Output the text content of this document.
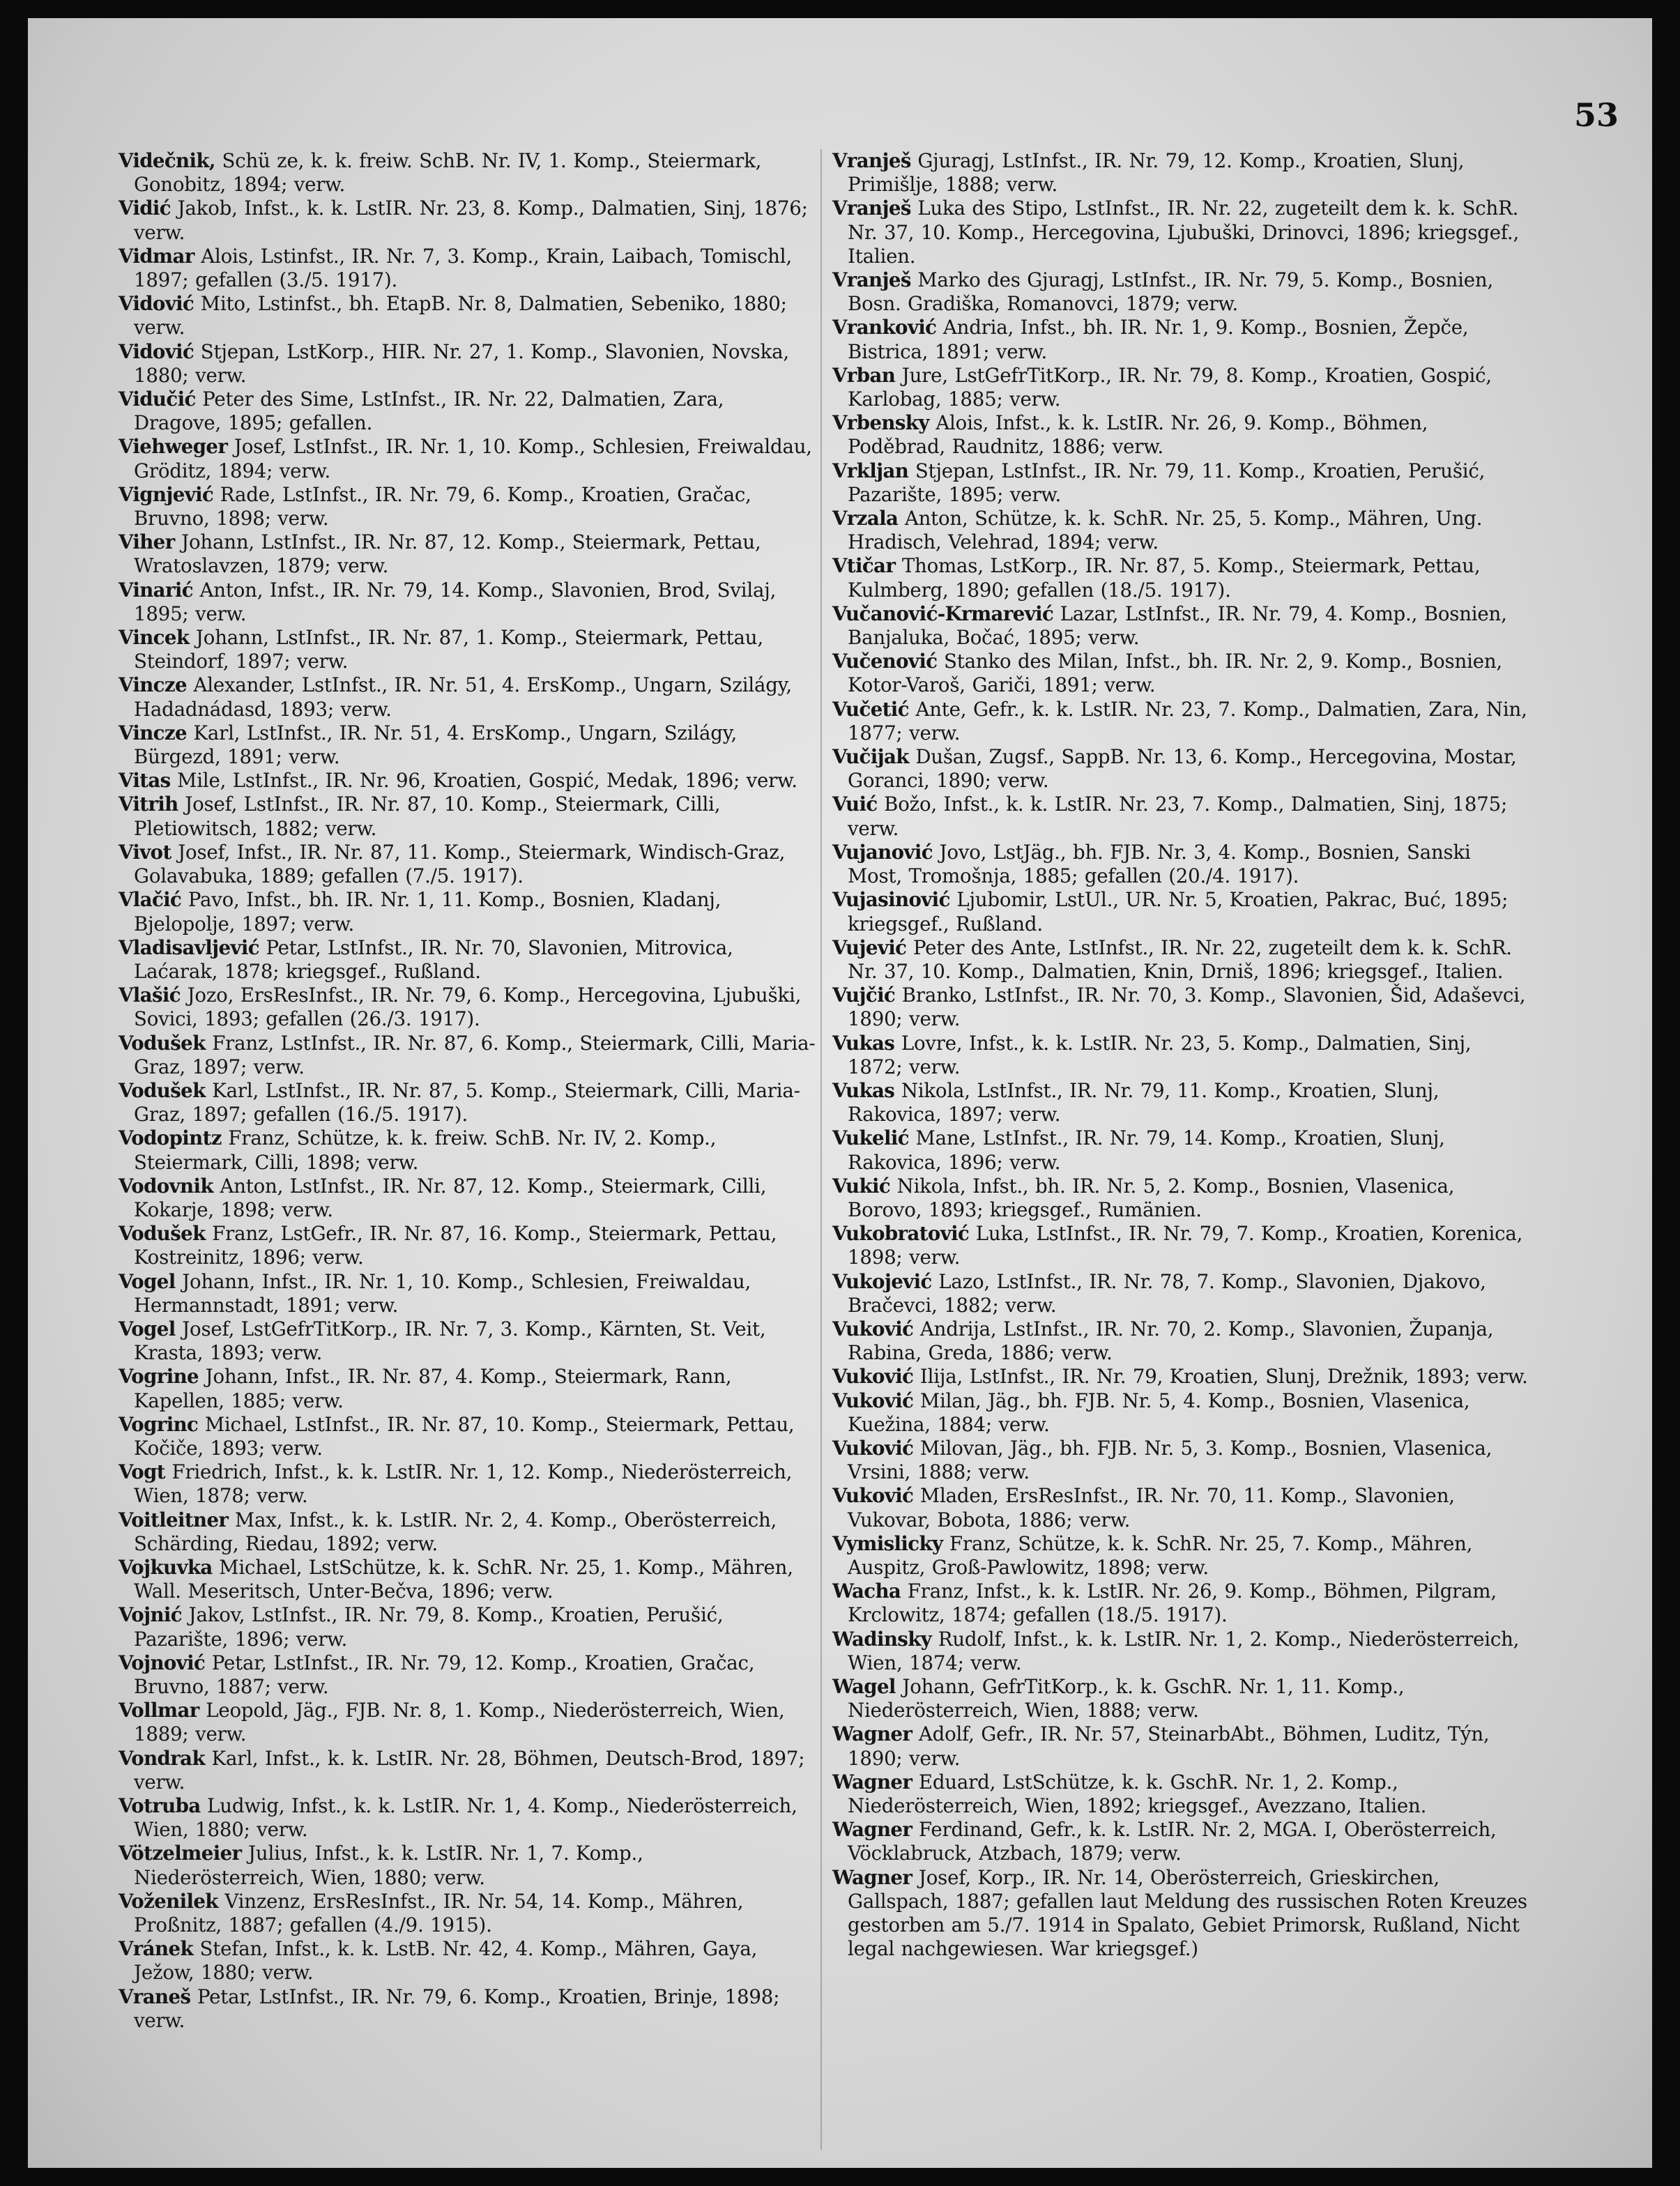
53

Videčnik, Schü ze, k. k. freiw. SchB. Nr. IV, 1. Komp., Steiermark, Gonobitz, 1894; verw.

Vidić Jakob, Infst., k. k. LstIR. Nr. 23, 8. Komp., Dalmatien, Sinj, 1876; verw.

Vidmar Alois, Lstinfst., IR. Nr. 7, 3. Komp., Krain, Laibach, Tomischl, 1897; gefallen (3./5. 1917).

Vidović Mito, Lstinfst., bh. EtapB. Nr. 8, Dalmatien, Sebeniko, 1880; verw.

Vidović Stjepan, LstKorp., HIR. Nr. 27, 1. Komp., Slavonien, Novska, 1880; verw.

Vidučić Peter des Sime, LstInfst., IR. Nr. 22, Dalmatien, Zara, Dragove, 1895; gefallen.

Viehweger Josef, LstInfst., IR. Nr. 1, 10. Komp., Schlesien, Freiwaldau, Gröditz, 1894; verw.

Vignjević Rade, LstInfst., IR. Nr. 79, 6. Komp., Kroatien, Gračac, Bruvno, 1898; verw.

Viher Johann, LstInfst., IR. Nr. 87, 12. Komp., Steiermark, Pettau, Wratoslavzen, 1879; verw.

Vinarić Anton, Infst., IR. Nr. 79, 14. Komp., Slavonien, Brod, Svilaj, 1895; verw.

Vincek Johann, LstInfst., IR. Nr. 87, 1. Komp., Steiermark, Pettau, Steindorf, 1897; verw.

Vincze Alexander, LstInfst., IR. Nr. 51, 4. ErsKomp., Ungarn, Szilágy, Hadadnádasd, 1893; verw.

Vincze Karl, LstInfst., IR. Nr. 51, 4. ErsKomp., Ungarn, Szilágy, Bürgezd, 1891; verw.

Vitas Mile, LstInfst., IR. Nr. 96, Kroatien, Gospić, Medak, 1896; verw.

Vitrih Josef, LstInfst., IR. Nr. 87, 10. Komp., Steiermark, Cilli, Pletiowitsch, 1882; verw.

Vivot Josef, Infst., IR. Nr. 87, 11. Komp., Steiermark, Windisch-Graz, Golavabuka, 1889; gefallen (7./5. 1917).

Vlačić Pavo, Infst., bh. IR. Nr. 1, 11. Komp., Bosnien, Kladanj, Bjelopolje, 1897; verw.

Vladisavljević Petar, LstInfst., IR. Nr. 70, Slavonien, Mitrovica, Laćarak, 1878; kriegsgef., Rußland.

Vlašić Jozo, ErsResInfst., IR. Nr. 79, 6. Komp., Hercegovina, Ljubuški, Sovici, 1893; gefallen (26./3. 1917).

Vodušek Franz, LstInfst., IR. Nr. 87, 6. Komp., Steiermark, Cilli, Maria-Graz, 1897; verw.

Vodušek Karl, LstInfst., IR. Nr. 87, 5. Komp., Steiermark, Cilli, Maria-Graz, 1897; gefallen (16./5. 1917).

Vodopintz Franz, Schütze, k. k. freiw. SchB. Nr. IV, 2. Komp., Steiermark, Cilli, 1898; verw.

Vodovnik Anton, LstInfst., IR. Nr. 87, 12. Komp., Steiermark, Cilli, Kokarje, 1898; verw.

Vodušek Franz, LstGefr., IR. Nr. 87, 16. Komp., Steiermark, Pettau, Kostreinitz, 1896; verw.

Vogel Johann, Infst., IR. Nr. 1, 10. Komp., Schlesien, Freiwaldau, Hermannstadt, 1891; verw.

Vogel Josef, LstGefrTitKorp., IR. Nr. 7, 3. Komp., Kärnten, St. Veit, Krasta, 1893; verw.

Vogrine Johann, Infst., IR. Nr. 87, 4. Komp., Steiermark, Rann, Kapellen, 1885; verw.

Vogrinc Michael, LstInfst., IR. Nr. 87, 10. Komp., Steiermark, Pettau, Kočiče, 1893; verw.

Vogt Friedrich, Infst., k. k. LstIR. Nr. 1, 12. Komp., Niederösterreich, Wien, 1878; verw.

Voitleitner Max, Infst., k. k. LstIR. Nr. 2, 4. Komp., Oberösterreich, Schärding, Riedau, 1892; verw.

Vojkuvka Michael, LstSchütze, k. k. SchR. Nr. 25, 1. Komp., Mähren, Wall. Meseritsch, Unter-Bečva, 1896; verw.

Vojnić Jakov, LstInfst., IR. Nr. 79, 8. Komp., Kroatien, Perušić, Pazarište, 1896; verw.

Vojnović Petar, LstInfst., IR. Nr. 79, 12. Komp., Kroatien, Gračac, Bruvno, 1887; verw.

Vollmar Leopold, Jäg., FJB. Nr. 8, 1. Komp., Niederösterreich, Wien, 1889; verw.

Vondrak Karl, Infst., k. k. LstIR. Nr. 28, Böhmen, Deutsch-Brod, 1897; verw.

Votruba Ludwig, Infst., k. k. LstIR. Nr. 1, 4. Komp., Niederösterreich, Wien, 1880; verw.

Vötzelmeier Julius, Infst., k. k. LstIR. Nr. 1, 7. Komp., Niederösterreich, Wien, 1880; verw.

Voženilek Vinzenz, ErsResInfst., IR. Nr. 54, 14. Komp., Mähren, Proßnitz, 1887; gefallen (4./9. 1915).

Vránek Stefan, Infst., k. k. LstB. Nr. 42, 4. Komp., Mähren, Gaya, Ježow, 1880; verw.

Vraneš Petar, LstInfst., IR. Nr. 79, 6. Komp., Kroatien, Brinje, 1898; verw.

Vranješ Gjuragj, LstInfst., IR. Nr. 79, 12. Komp., Kroatien, Slunj, Primišlje, 1888; verw.

Vranješ Luka des Stipo, LstInfst., IR. Nr. 22, zugeteilt dem k. k. SchR. Nr. 37, 10. Komp., Hercegovina, Ljubuški, Drinovci, 1896; kriegsgef., Italien.

Vranješ Marko des Gjuragj, LstInfst., IR. Nr. 79, 5. Komp., Bosnien, Bosn. Gradiška, Romanovci, 1879; verw.

Vranković Andria, Infst., bh. IR. Nr. 1, 9. Komp., Bosnien, Žepče, Bistrica, 1891; verw.

Vrban Jure, LstGefrTitKorp., IR. Nr. 79, 8. Komp., Kroatien, Gospić, Karlobag, 1885; verw.

Vrbensky Alois, Infst., k. k. LstIR. Nr. 26, 9. Komp., Böhmen, Poděbrad, Raudnitz, 1886; verw.

Vrkljan Stjepan, LstInfst., IR. Nr. 79, 11. Komp., Kroatien, Perušić, Pazarište, 1895; verw.

Vrzala Anton, Schütze, k. k. SchR. Nr. 25, 5. Komp., Mähren, Ung. Hradisch, Velehrad, 1894; verw.

Vtičar Thomas, LstKorp., IR. Nr. 87, 5. Komp., Steiermark, Pettau, Kulmberg, 1890; gefallen (18./5. 1917).

Vučanović-Krmarević Lazar, LstInfst., IR. Nr. 79, 4. Komp., Bosnien, Banjaluka, Bočać, 1895; verw.

Vučenović Stanko des Milan, Infst., bh. IR. Nr. 2, 9. Komp., Bosnien, Kotor-Varoš, Gariči, 1891; verw.

Vučetić Ante, Gefr., k. k. LstIR. Nr. 23, 7. Komp., Dalmatien, Zara, Nin, 1877; verw.

Vučijak Dušan, Zugsf., SappB. Nr. 13, 6. Komp., Hercegovina, Mostar, Goranci, 1890; verw.

Vuić Božo, Infst., k. k. LstIR. Nr. 23, 7. Komp., Dalmatien, Sinj, 1875; verw.

Vujanović Jovo, LstJäg., bh. FJB. Nr. 3, 4. Komp., Bosnien, Sanski Most, Tromošnja, 1885; gefallen (20./4. 1917).

Vujasinović Ljubomir, LstUl., UR. Nr. 5, Kroatien, Pakrac, Buć, 1895; kriegsgef., Rußland.

Vujević Peter des Ante, LstInfst., IR. Nr. 22, zugeteilt dem k. k. SchR. Nr. 37, 10. Komp., Dalmatien, Knin, Drniš, 1896; kriegsgef., Italien.

Vujčić Branko, LstInfst., IR. Nr. 70, 3. Komp., Slavonien, Šid, Adaševci, 1890; verw.

Vukas Lovre, Infst., k. k. LstIR. Nr. 23, 5. Komp., Dalmatien, Sinj, 1872; verw.

Vukas Nikola, LstInfst., IR. Nr. 79, 11. Komp., Kroatien, Slunj, Rakovica, 1897; verw.

Vukelić Mane, LstInfst., IR. Nr. 79, 14. Komp., Kroatien, Slunj, Rakovica, 1896; verw.

Vukić Nikola, Infst., bh. IR. Nr. 5, 2. Komp., Bosnien, Vlasenica, Borovo, 1893; kriegsgef., Rumänien.

Vukobratović Luka, LstInfst., IR. Nr. 79, 7. Komp., Kroatien, Korenica, 1898; verw.

Vukojević Lazo, LstInfst., IR. Nr. 78, 7. Komp., Slavonien, Djakovo, Bračevci, 1882; verw.

Vuković Andrija, LstInfst., IR. Nr. 70, 2. Komp., Slavonien, Županja, Rabina, Greda, 1886; verw.

Vuković Ilija, LstInfst., IR. Nr. 79, Kroatien, Slunj, Drežnik, 1893; verw.

Vuković Milan, Jäg., bh. FJB. Nr. 5, 4. Komp., Bosnien, Vlasenica, Kuežina, 1884; verw.

Vuković Milovan, Jäg., bh. FJB. Nr. 5, 3. Komp., Bosnien, Vlasenica, Vrsini, 1888; verw.

Vuković Mladen, ErsResInfst., IR. Nr. 70, 11. Komp., Slavonien, Vukovar, Bobota, 1886; verw.

Vymislicky Franz, Schütze, k. k. SchR. Nr. 25, 7. Komp., Mähren, Auspitz, Groß-Pawlowitz, 1898; verw.

Wacha Franz, Infst., k. k. LstIR. Nr. 26, 9. Komp., Böhmen, Pilgram, Krclowitz, 1874; gefallen (18./5. 1917).

Wadinsky Rudolf, Infst., k. k. LstIR. Nr. 1, 2. Komp., Niederösterreich, Wien, 1874; verw.

Wagel Johann, GefrTitKorp., k. k. GschR. Nr. 1, 11. Komp., Niederösterreich, Wien, 1888; verw.

Wagner Adolf, Gefr., IR. Nr. 57, SteinarbAbt., Böhmen, Luditz, Týn, 1890; verw.

Wagner Eduard, LstSchütze, k. k. GschR. Nr. 1, 2. Komp., Niederösterreich, Wien, 1892; kriegsgef., Avezzano, Italien.

Wagner Ferdinand, Gefr., k. k. LstIR. Nr. 2, MGA. I, Oberösterreich, Vöcklabruck, Atzbach, 1879; verw.

Wagner Josef, Korp., IR. Nr. 14, Oberösterreich, Grieskirchen, Gallspach, 1887; gefallen laut Meldung des russischen Roten Kreuzes gestorben am 5./7. 1914 in Spalato, Gebiet Primorsk, Rußland, Nicht legal nachgewiesen. War kriegsgef.)
